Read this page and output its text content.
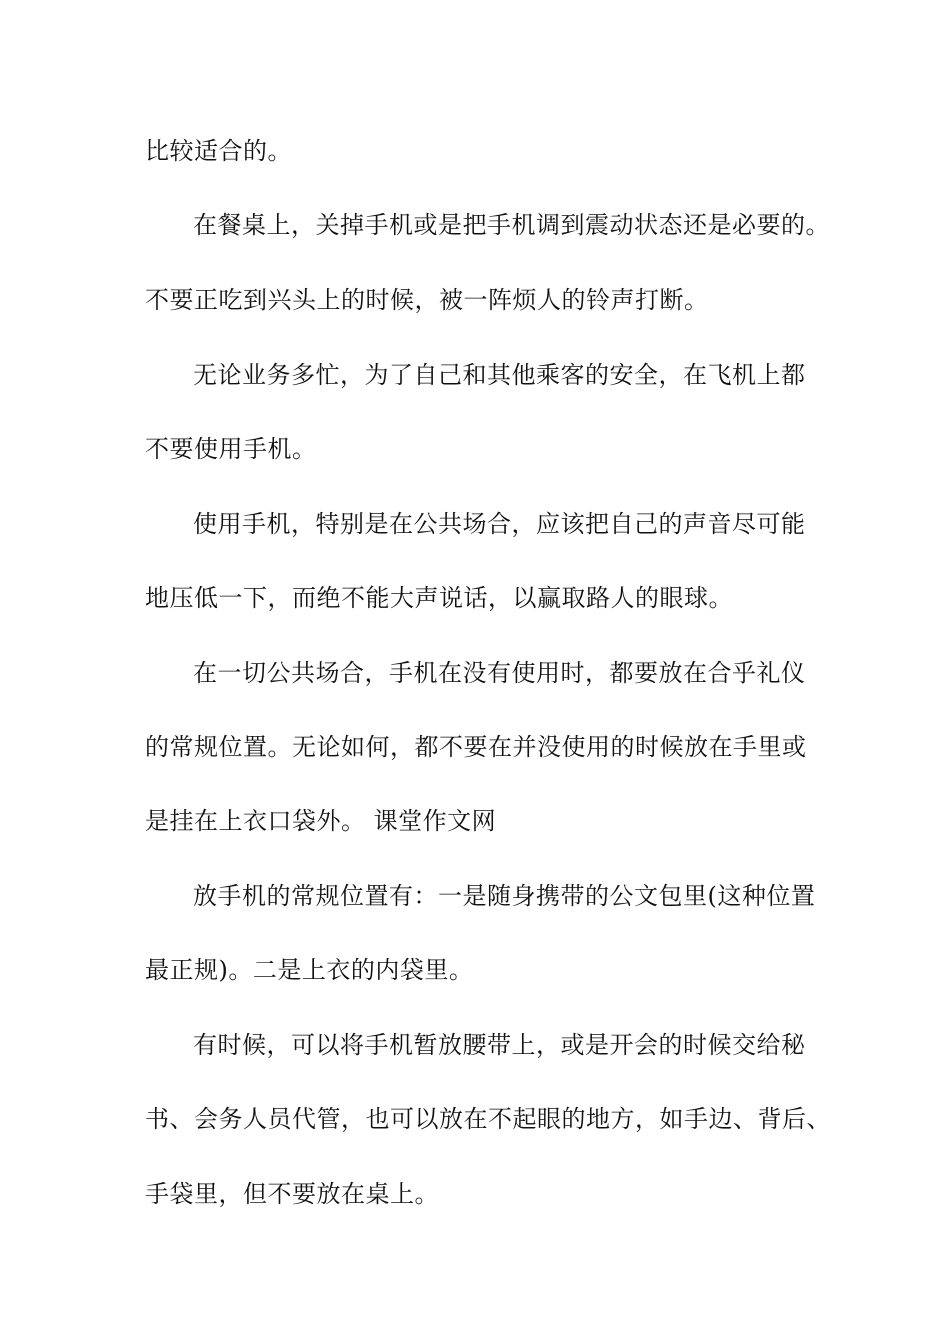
比较适合的。
在餐桌上，关掉手机或是把手机调到震动状态还是必要的。
不要正吃到兴头上的时候，被一阵烦人的铃声打断。
无论业务多忙，为了自己和其他乘客的安全，在飞机上都
不要使用手机。
使用手机，特别是在公共场合，应该把自己的声音尽可能
地压低一下，而绝不能大声说话，以赢取路人的眼球。
在一切公共场合，手机在没有使用时，都要放在合乎礼仪
的常规位置。无论如何，都不要在并没使用的时候放在手里或
是挂在上衣口袋外。 课堂作文网
放手机的常规位置有：一是随身携带的公文包里(这种位置
最正规)。二是上衣的内袋里。
有时候，可以将手机暂放腰带上，或是开会的时候交给秘
书、会务人员代管，也可以放在不起眼的地方，如手边、背后、
手袋里，但不要放在桌上。
